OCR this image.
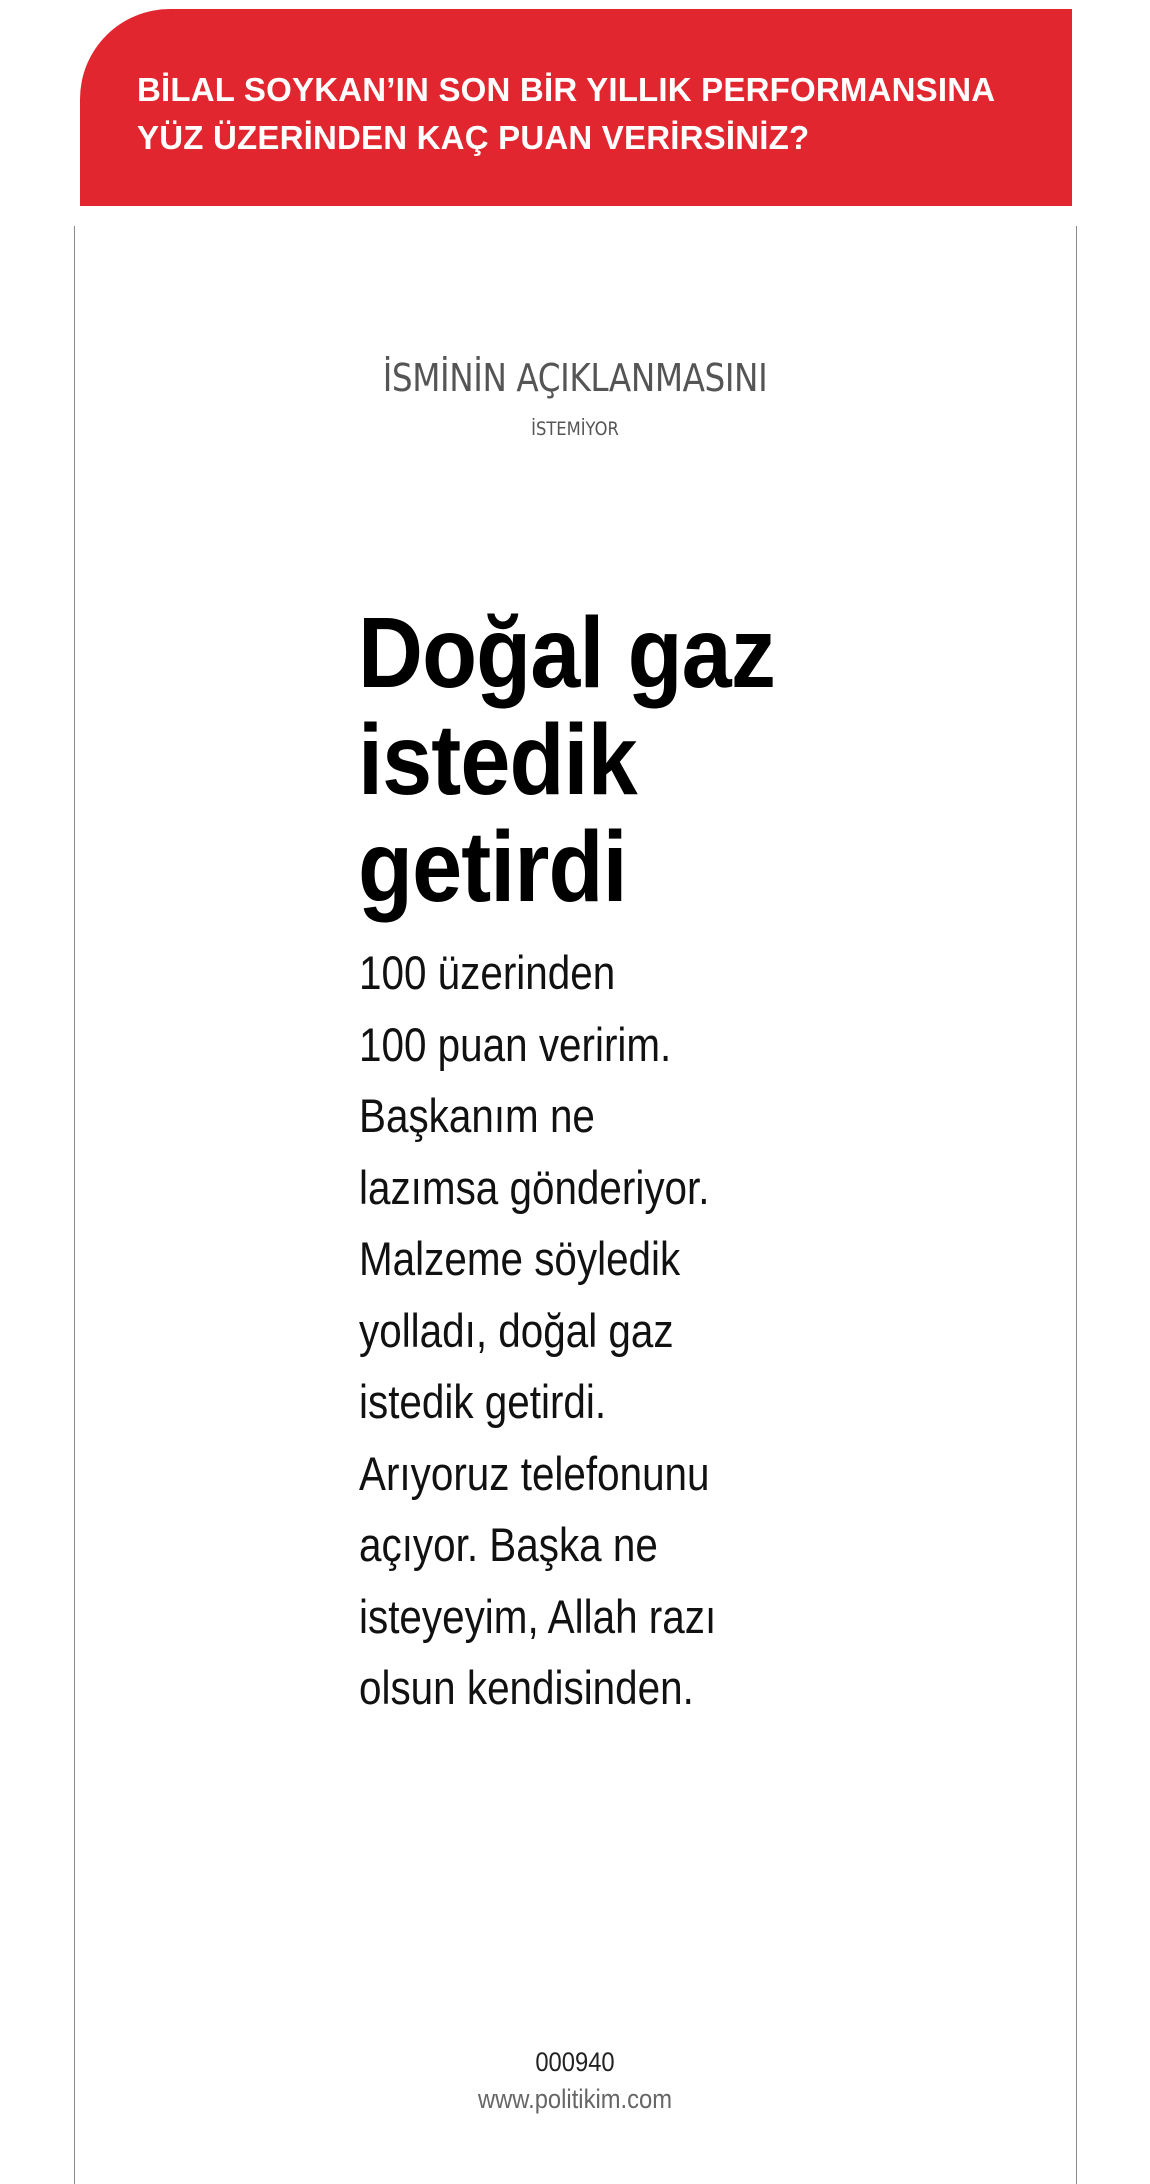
BİLAL SOYKAN’IN SON BİR YILLIK PERFORMANSINA
YÜZ ÜZERİNDEN KAÇ PUAN VERİRSİNİZ?

İSMİNİN AÇIKLANMASINI
İSTEMİYOR
Doğal gaz
istedik
getirdi

100 üzerinden
100 puan veririm.
Başkanım ne
lazımsa gönderiyor.
Malzeme söyledik
yolladı, doğal gaz
istedik getirdi.
Arıyoruz telefonunu
açıyor. Başka ne
isteyeyim, Allah razı
olsun kendisinden.

000940
www.politikim.com
